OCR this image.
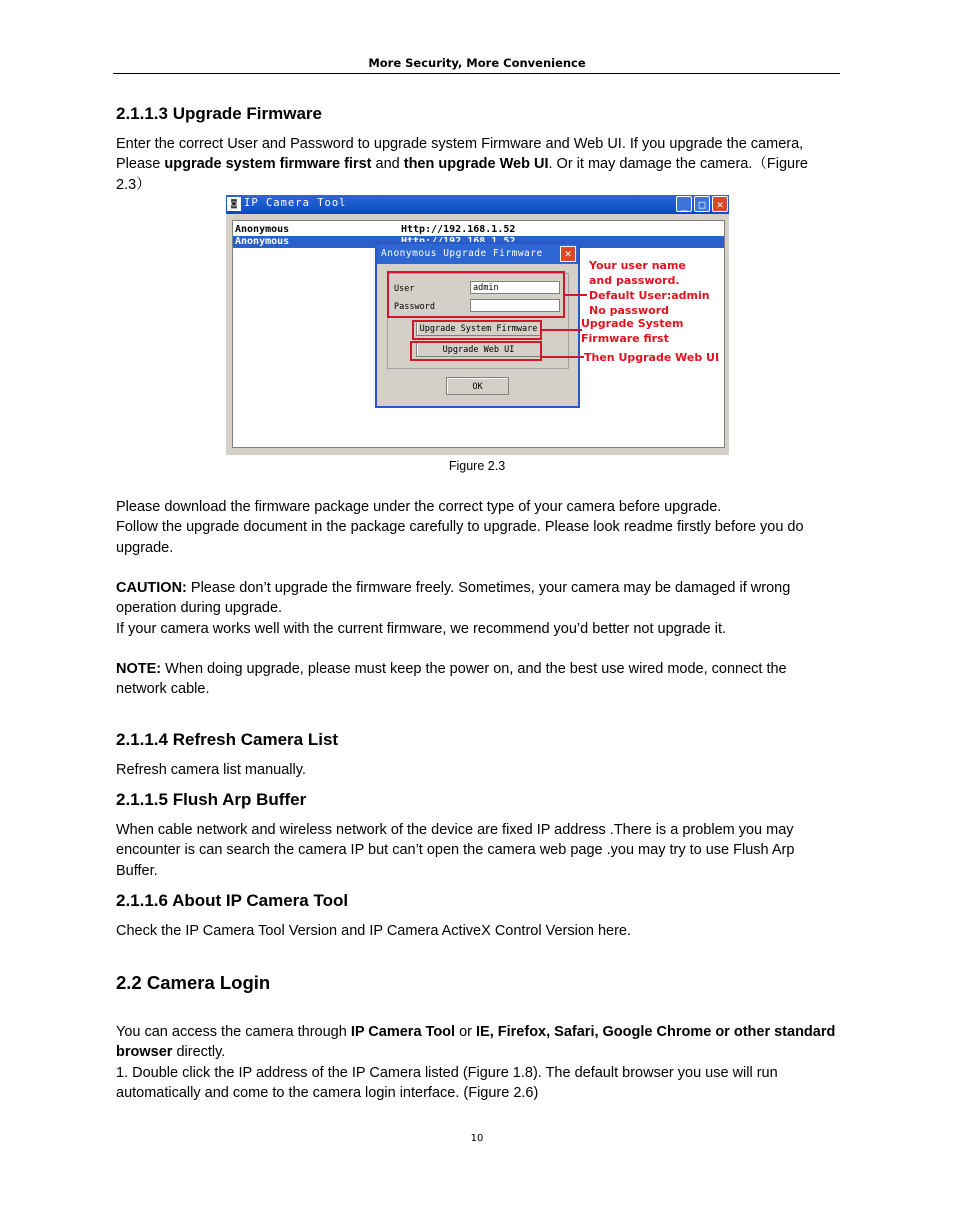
More Security, More Convenience
2.1.1.3 Upgrade Firmware

Enter the correct User and Password to upgrade system Firmware and Web UI. If you upgrade the camera, Please upgrade system firmware first and then upgrade Web UI. Or it may damage the camera.（Figure 2.3）

◙ IP Camera Tool	_	□	✕
Anonymous	Http://192.168.1.52
Anonymous
Anonymous Upgrade Firmware	✕
User	admin
Password
Upgrade System Firmware
Upgrade Web UI
OK
Your user name
and password.
Default User:admin
No password
Upgrade System
Firmware first
Then Upgrade Web UI
Figure 2.3

Please download the firmware package under the correct type of your camera before upgrade.

Follow the upgrade document in the package carefully to upgrade. Please look readme firstly before you do upgrade.

CAUTION: Please don’t upgrade the firmware freely. Sometimes, your camera may be damaged if wrong operation during upgrade.

If your camera works well with the current firmware, we recommend you’d better not upgrade it.

NOTE: When doing upgrade, please must keep the power on, and the best use wired mode, connect the network cable.

2.1.1.4 Refresh Camera List

Refresh camera list manually.

2.1.1.5 Flush Arp Buffer

When cable network and wireless network of the device are fixed IP address .There is a problem you may encounter is can search the camera IP but can’t open the camera web page .you may try to use Flush Arp Buffer.

2.1.1.6 About IP Camera Tool

Check the IP Camera Tool Version and IP Camera ActiveX Control Version here.

2.2 Camera Login

You can access the camera through IP Camera Tool or IE, Firefox, Safari, Google Chrome or other standard browser directly.

1. Double click the IP address of the IP Camera listed (Figure 1.8). The default browser you use will run automatically and come to the camera login interface. (Figure 2.6)

10
